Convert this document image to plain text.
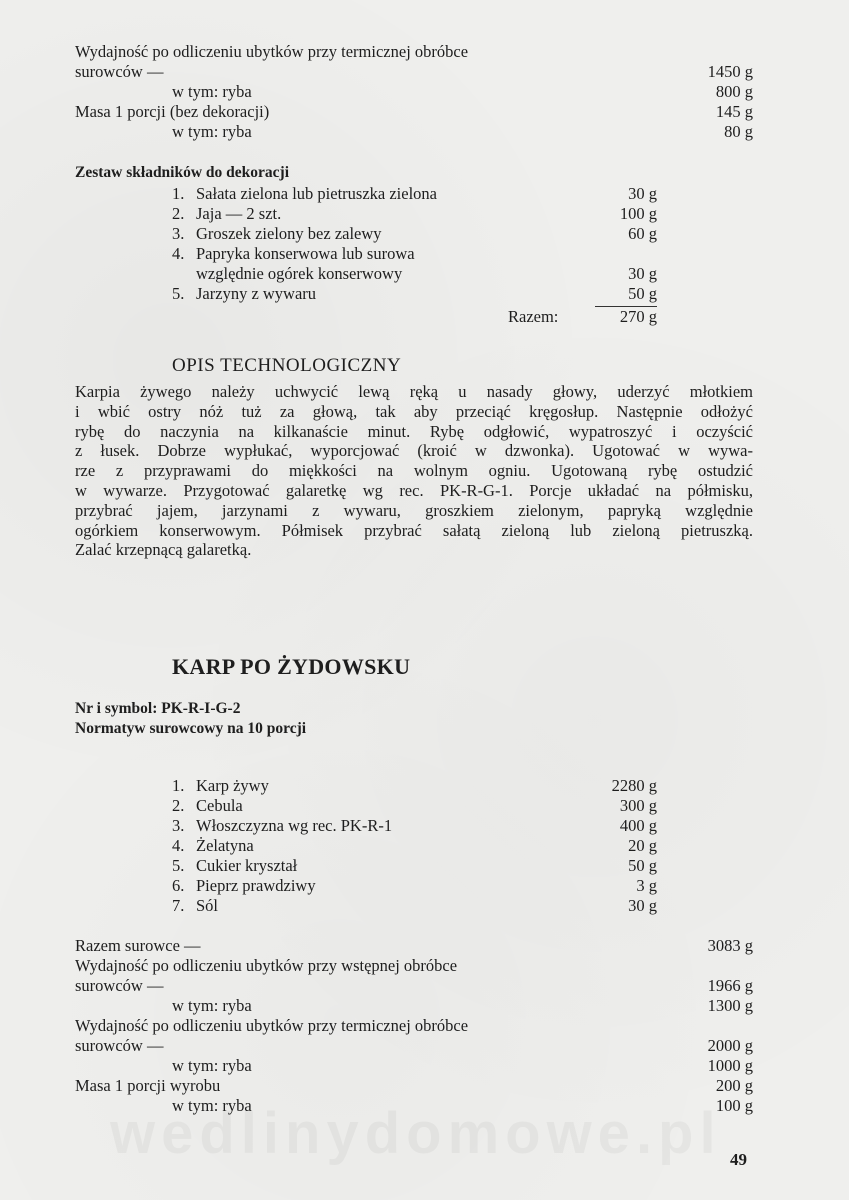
Wydajność po odliczeniu ubytków przy termicznej obróbce
surowców —	1450 g
w tym: ryba	800 g
Masa 1 porcji (bez dekoracji)	145 g
w tym: ryba	80 g
Zestaw składników do dekoracji
1. Sałata zielona lub pietruszka zielona	30 g
2. Jaja — 2 szt.	100 g
3. Groszek zielony bez zalewy	60 g
4. Papryka konserwowa lub surowa
względnie ogórek konserwowy	30 g
5. Jarzyny z wywaru	50 g
Razem:	270 g
OPIS TECHNOLOGICZNY
Karpia żywego należy uchwycić lewą ręką u nasady głowy, uderzyć młotkiem
i wbić ostry nóż tuż za głową, tak aby przeciąć kręgosłup. Następnie odłożyć
rybę do naczynia na kilkanaście minut. Rybę odgłowić, wypatroszyć i oczyścić
z łusek. Dobrze wypłukać, wyporcjować (kroić w dzwonka). Ugotować w wywa-
rze z przyprawami do miękkości na wolnym ogniu. Ugotowaną rybę ostudzić
w wywarze. Przygotować galaretkę wg rec. PK-R-G-1. Porcje układać na półmisku,
przybrać jajem, jarzynami z wywaru, groszkiem zielonym, papryką względnie
ogórkiem konserwowym. Półmisek przybrać sałatą zieloną lub zieloną pietruszką.
Zalać krzepnącą galaretką.
KARP PO ŻYDOWSKU
Nr i symbol: PK-R-I-G-2
Normatyw surowcowy na 10 porcji
1. Karp żywy	2280 g
2. Cebula	300 g
3. Włoszczyzna wg rec. PK-R-1	400 g
4. Żelatyna	20 g
5. Cukier kryształ	50 g
6. Pieprz prawdziwy	3 g
7. Sól	30 g
Razem surowce —	3083 g
Wydajność po odliczeniu ubytków przy wstępnej obróbce
surowców —	1966 g
w tym: ryba	1300 g
Wydajność po odliczeniu ubytków przy termicznej obróbce
surowców —	2000 g
w tym: ryba	1000 g
Masa 1 porcji wyrobu	200 g
w tym: ryba	100 g
49
